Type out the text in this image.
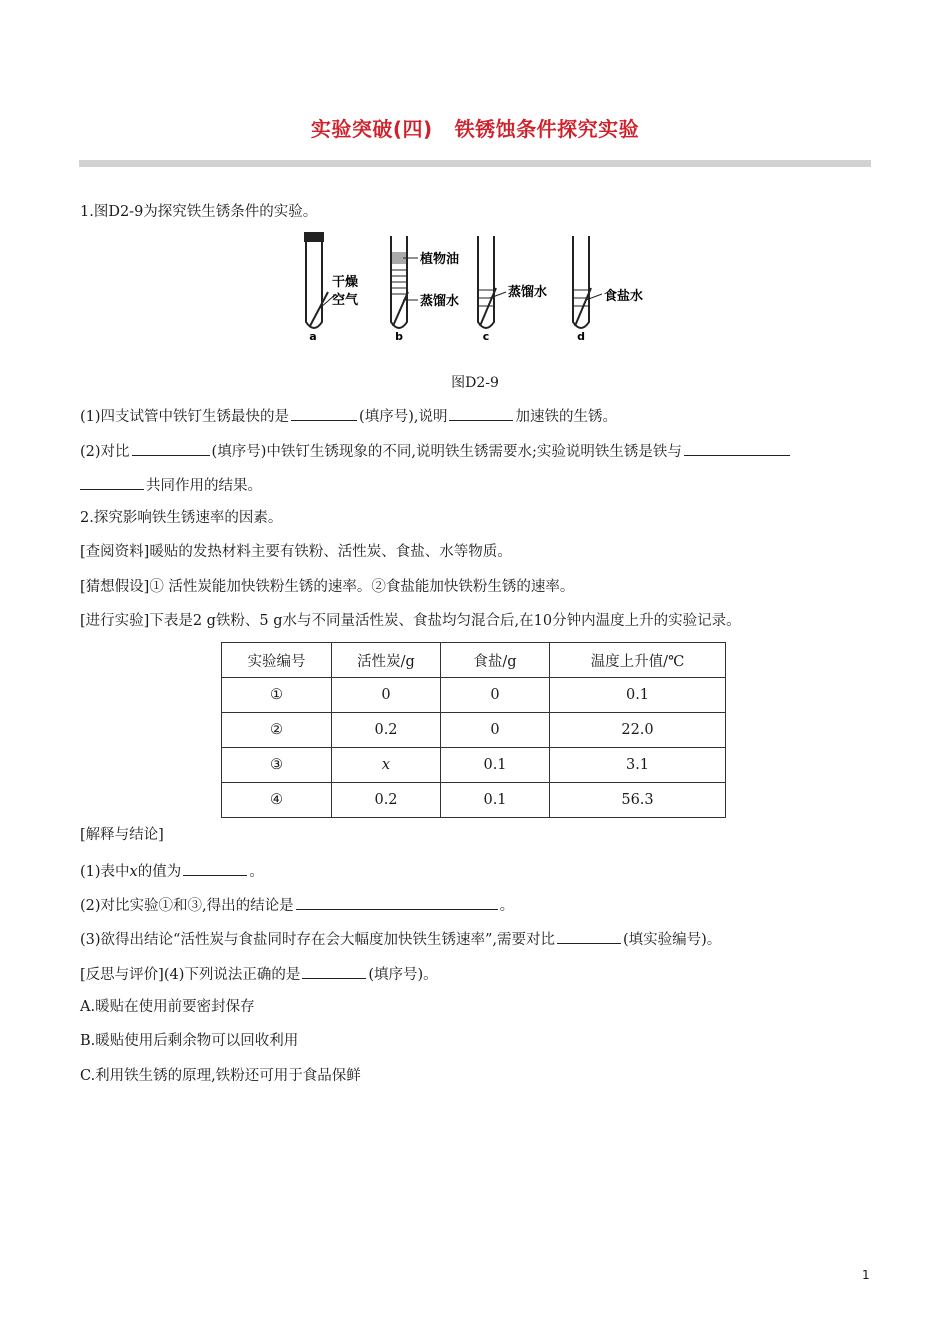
实验突破(四) 铁锈蚀条件探究实验
1.图D2-9为探究铁生锈条件的实验。
干燥
空气
a
植物油
蒸馏水
b
蒸馏水
c
食盐水
d
图D2-9
(1)四支试管中铁钉生锈最快的是	(填序号),说明	加速铁的生锈。
(2)对比	(填序号)中铁钉生锈现象的不同,说明铁生锈需要水;实验说明铁生锈是铁与
共同作用的结果。
2.探究影响铁生锈速率的因素。
[查阅资料]暖贴的发热材料主要有铁粉、活性炭、食盐、水等物质。
[猜想假设]① 活性炭能加快铁粉生锈的速率。②食盐能加快铁粉生锈的速率。
[进行实验]下表是2 g铁粉、5 g水与不同量活性炭、食盐均匀混合后,在10分钟内温度上升的实验记录。
实验编号	活性炭/g	食盐/g	温度上升值/℃
①	0	0	0.1
②	0.2	0	22.0
③	x	0.1	3.1
④	0.2	0.1	56.3
[解释与结论]
(1)表中x的值为	。
(2)对比实验①和③,得出的结论是	。
(3)欲得出结论“活性炭与食盐同时存在会大幅度加快铁生锈速率”,需要对比	(填实验编号)。
[反思与评价](4)下列说法正确的是	(填序号)。
A.暖贴在使用前要密封保存
B.暖贴使用后剩余物可以回收利用
C.利用铁生锈的原理,铁粉还可用于食品保鲜
1
